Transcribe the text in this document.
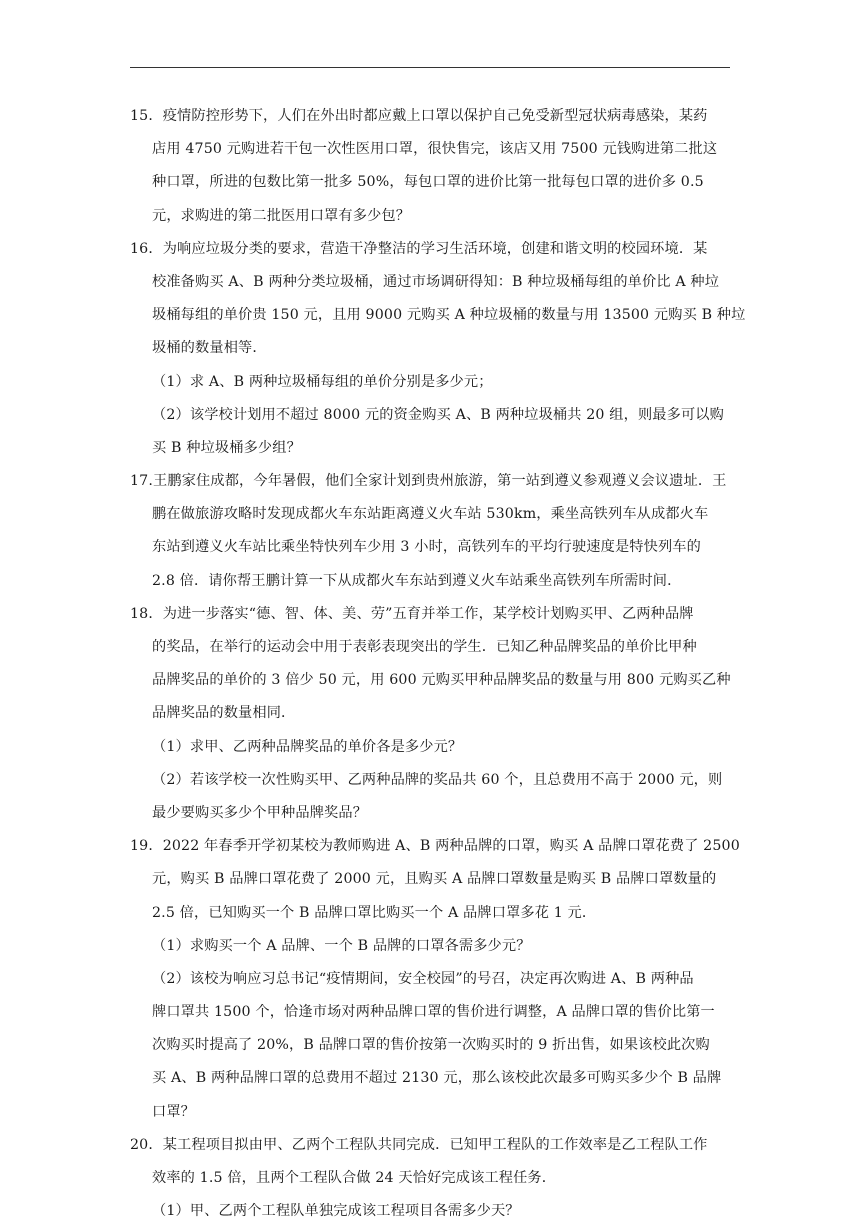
15．疫情防控形势下，人们在外出时都应戴上口罩以保护自己免受新型冠状病毒感染，某药
店用 4750 元购进若干包一次性医用口罩，很快售完，该店又用 7500 元钱购进第二批这
种口罩，所进的包数比第一批多 50%，每包口罩的进价比第一批每包口罩的进价多 0.5
元，求购进的第二批医用口罩有多少包？
16．为响应垃圾分类的要求，营造干净整洁的学习生活环境，创建和谐文明的校园环境．某
校准备购买 A、B 两种分类垃圾桶，通过市场调研得知：B 种垃圾桶每组的单价比 A 种垃
圾桶每组的单价贵 150 元，且用 9000 元购买 A 种垃圾桶的数量与用 13500 元购买 B 种垃
圾桶的数量相等．
（1）求 A、B 两种垃圾桶每组的单价分别是多少元；
（2）该学校计划用不超过 8000 元的资金购买 A、B 两种垃圾桶共 20 组，则最多可以购
买 B 种垃圾桶多少组？
17.王鹏家住成都，今年暑假，他们全家计划到贵州旅游，第一站到遵义参观遵义会议遗址．王
鹏在做旅游攻略时发现成都火车东站距离遵义火车站 530km，乘坐高铁列车从成都火车
东站到遵义火车站比乘坐特快列车少用 3 小时，高铁列车的平均行驶速度是特快列车的
2.8 倍．请你帮王鹏计算一下从成都火车东站到遵义火车站乘坐高铁列车所需时间．
18．为进一步落实“德、智、体、美、劳”五育并举工作，某学校计划购买甲、乙两种品牌
的奖品，在举行的运动会中用于表彰表现突出的学生．已知乙种品牌奖品的单价比甲种
品牌奖品的单价的 3 倍少 50 元，用 600 元购买甲种品牌奖品的数量与用 800 元购买乙种
品牌奖品的数量相同．
（1）求甲、乙两种品牌奖品的单价各是多少元？
（2）若该学校一次性购买甲、乙两种品牌的奖品共 60 个，且总费用不高于 2000 元，则
最少要购买多少个甲种品牌奖品？
19．2022 年春季开学初某校为教师购进 A、B 两种品牌的口罩，购买 A 品牌口罩花费了 2500
元，购买 B 品牌口罩花费了 2000 元，且购买 A 品牌口罩数量是购买 B 品牌口罩数量的
2.5 倍，已知购买一个 B 品牌口罩比购买一个 A 品牌口罩多花 1 元．
（1）求购买一个 A 品牌、一个 B 品牌的口罩各需多少元？
（2）该校为响应习总书记“疫情期间，安全校园”的号召，决定再次购进 A、B 两种品
牌口罩共 1500 个，恰逢市场对两种品牌口罩的售价进行调整，A 品牌口罩的售价比第一
次购买时提高了 20%，B 品牌口罩的售价按第一次购买时的 9 折出售，如果该校此次购
买 A、B 两种品牌口罩的总费用不超过 2130 元，那么该校此次最多可购买多少个 B 品牌
口罩？
20．某工程项目拟由甲、乙两个工程队共同完成．已知甲工程队的工作效率是乙工程队工作
效率的 1.5 倍，且两个工程队合做 24 天恰好完成该工程任务．
（1）甲、乙两个工程队单独完成该工程项目各需多少天？
